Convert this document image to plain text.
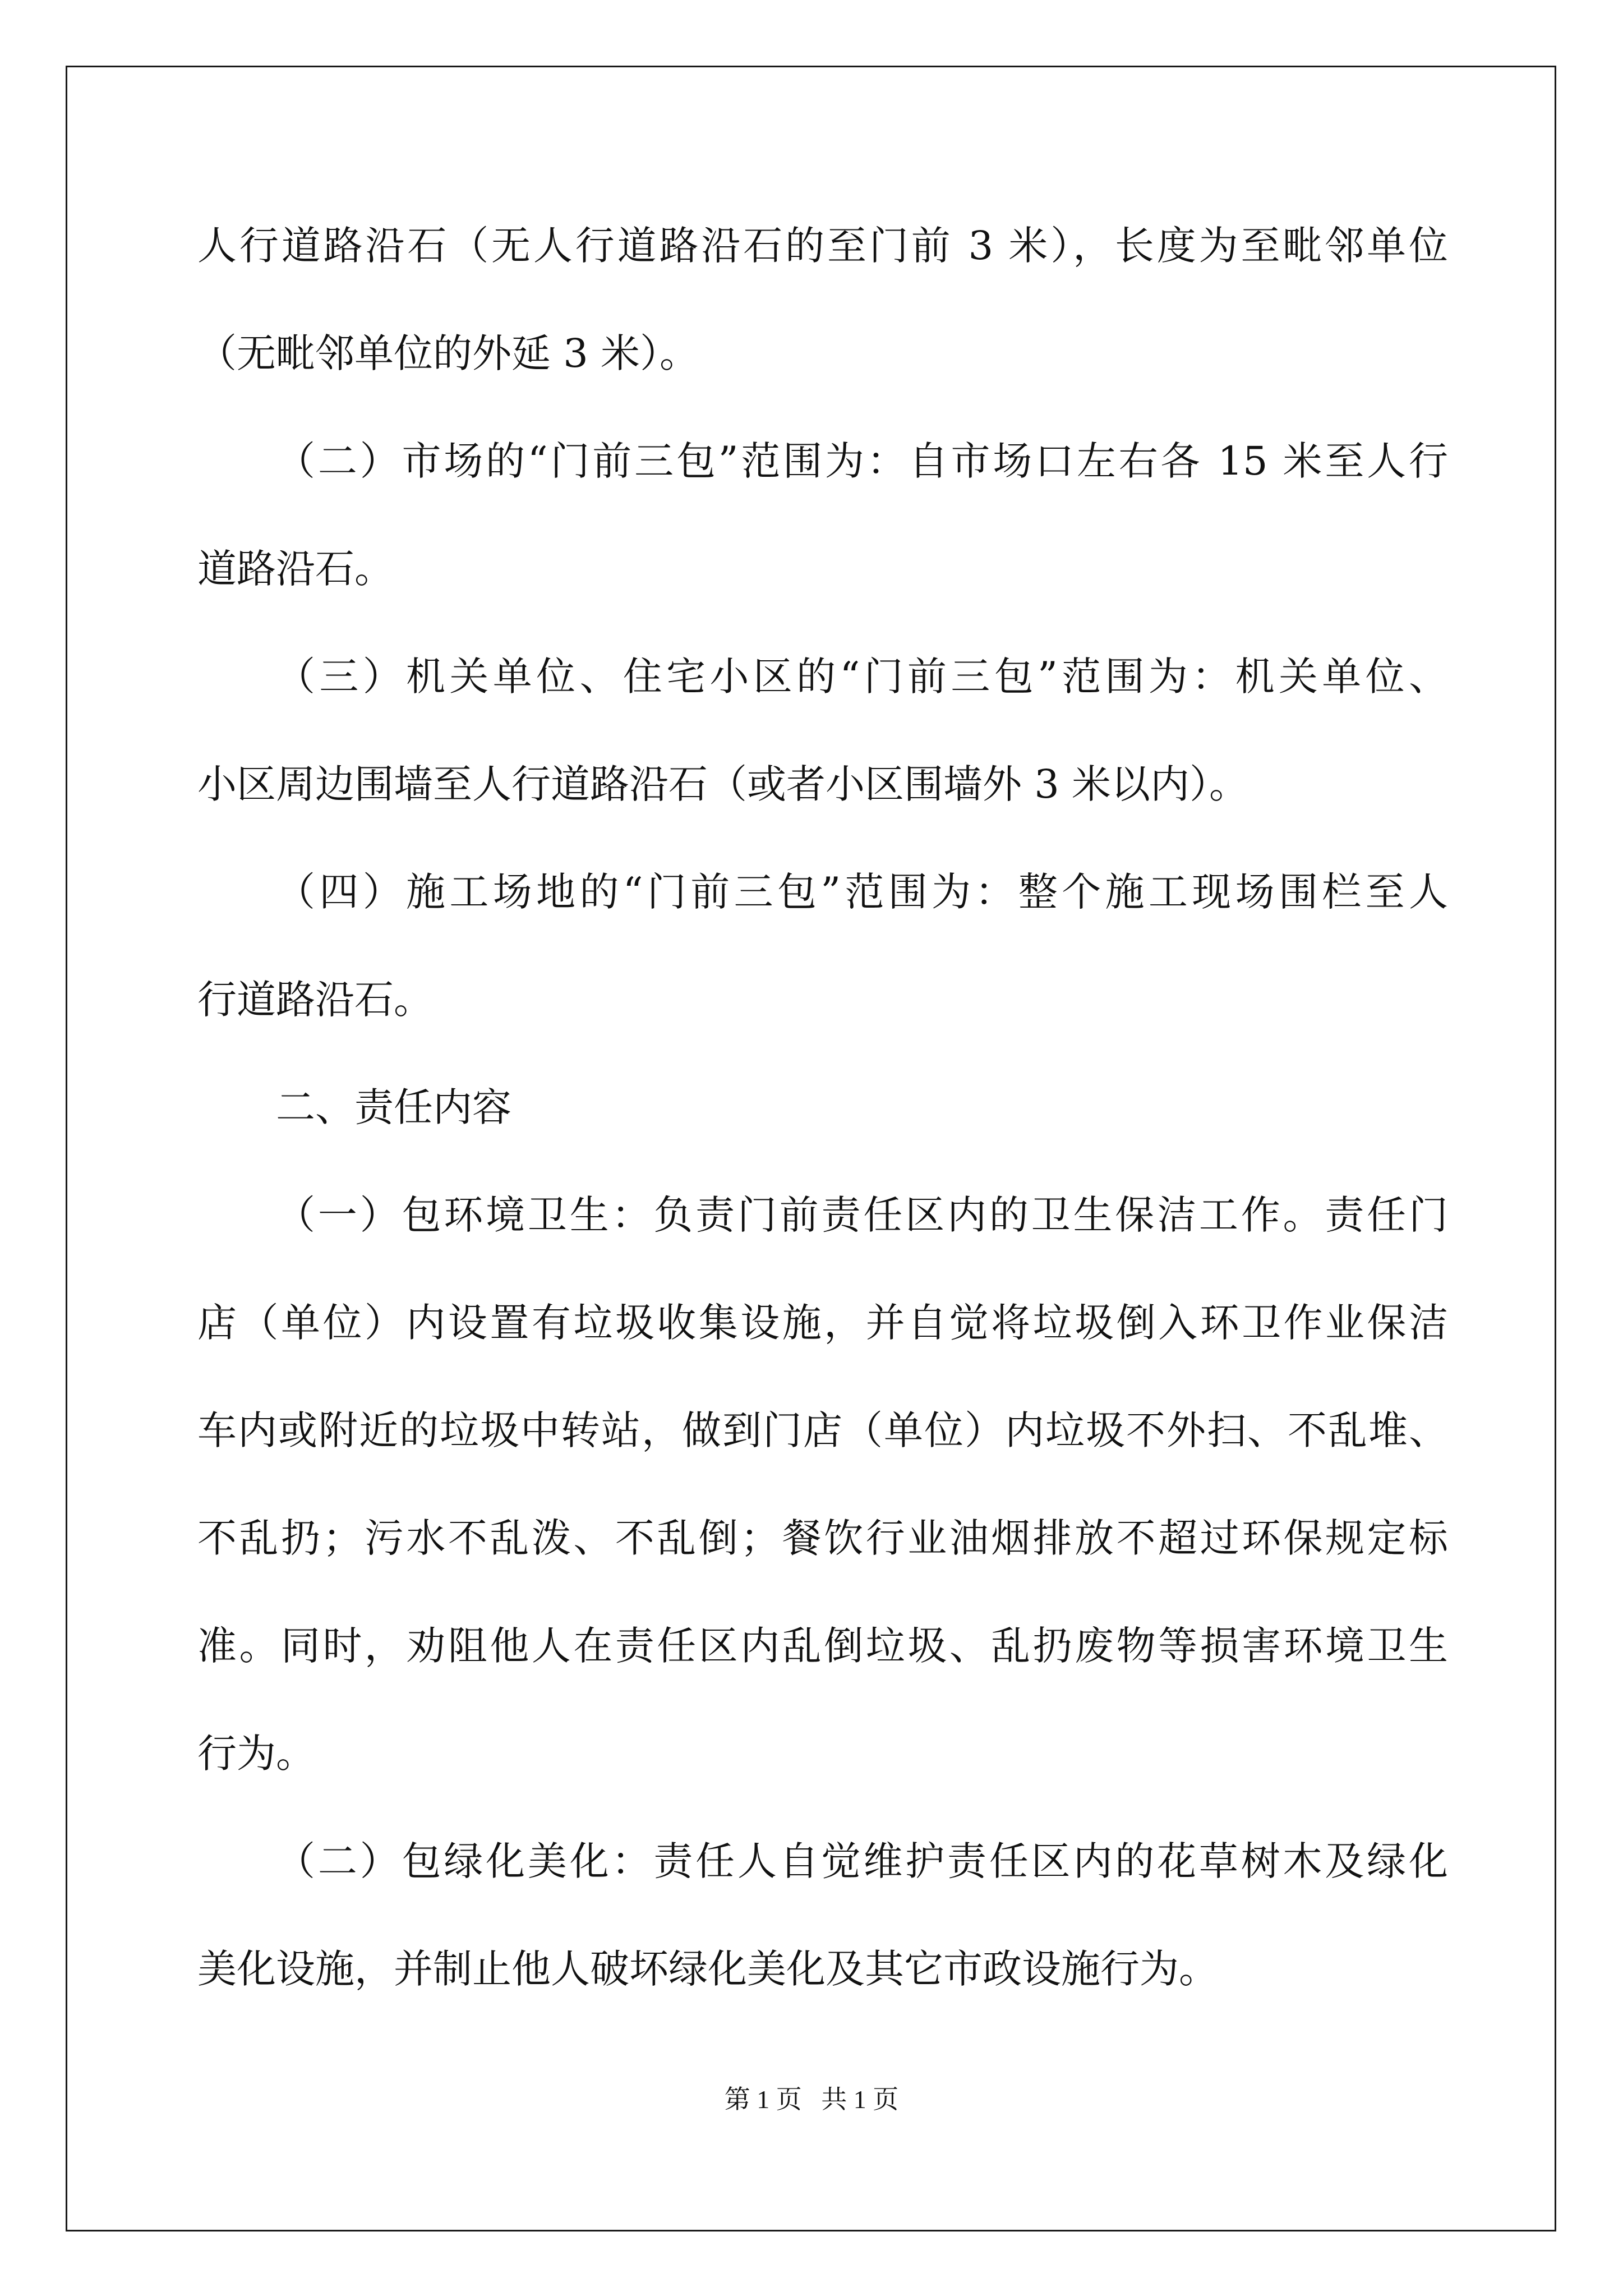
人行道路沿石（无人行道路沿石的至门前 3 米），长度为至毗邻单位
（无毗邻单位的外延 3 米）。
（二）市场的“门前三包”范围为：自市场口左右各 15 米至人行
道路沿石。
（三）机关单位、住宅小区的“门前三包”范围为：机关单位、
小区周边围墙至人行道路沿石（或者小区围墙外 3 米以内）。
（四）施工场地的“门前三包”范围为：整个施工现场围栏至人
行道路沿石。
二、责任内容
（一）包环境卫生：负责门前责任区内的卫生保洁工作。责任门
店（单位）内设置有垃圾收集设施，并自觉将垃圾倒入环卫作业保洁
车内或附近的垃圾中转站，做到门店（单位）内垃圾不外扫、不乱堆、
不乱扔；污水不乱泼、不乱倒；餐饮行业油烟排放不超过环保规定标
准。同时，劝阻他人在责任区内乱倒垃圾、乱扔废物等损害环境卫生
行为。
（二）包绿化美化：责任人自觉维护责任区内的花草树木及绿化
美化设施，并制止他人破坏绿化美化及其它市政设施行为。
第 1 页   共 1 页
